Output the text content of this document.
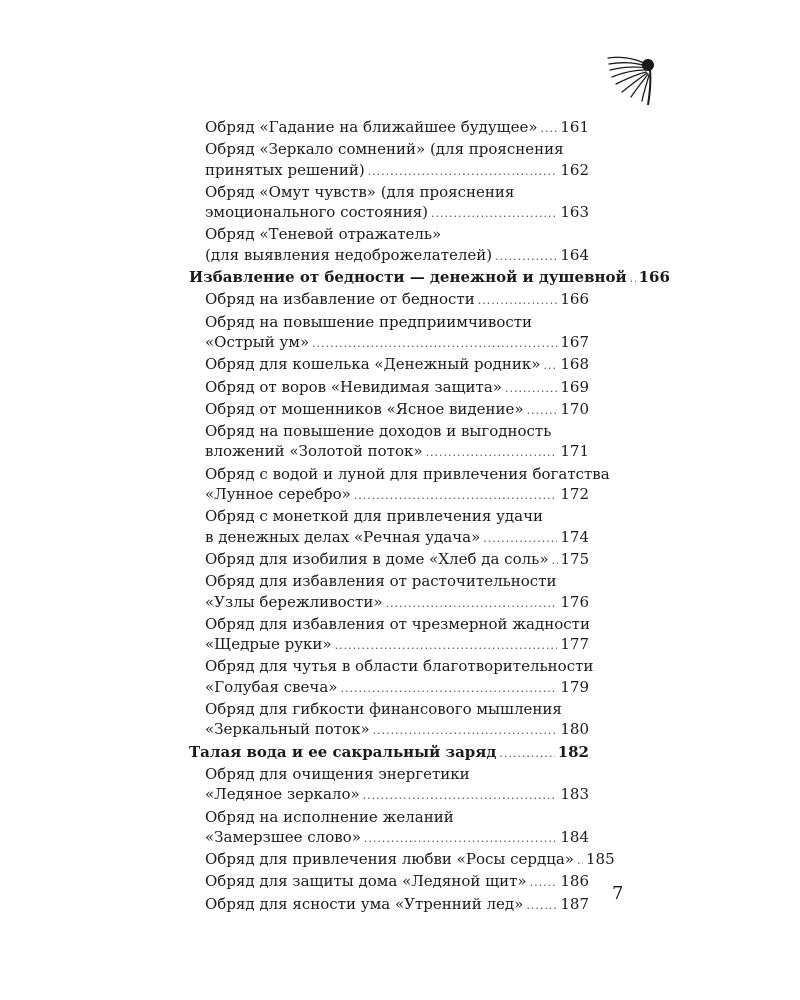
Обряд «Гадание на ближайшее будущее» ..... 161
Обряд «Зеркало сомнений» (для прояснения
принятых решений) .....	162
Обряд «Омут чувств» (для прояснения
эмоционального состояния) .....	163
Обряд «Теневой отражатель»
(для выявления недоброжелателей) .....	164
Избавление от бедности — денежной и душевной ..... 166
Обряд на избавление от бедности .....	166
Обряд на повышение предприимчивости
«Острый ум» .....	167
Обряд для кошелька «Денежный родник» ..... 168
Обряд от воров «Невидимая защита» .....	169
Обряд от мошенников «Ясное видение» ..... 170
Обряд на повышение доходов и выгодность
вложений «Золотой поток» .....	171
Обряд с водой и луной для привлечения богатства
«Лунное серебро» .....	172
Обряд с монеткой для привлечения удачи
в денежных делах «Речная удача» .....	174
Обряд для изобилия в доме «Хлеб да соль» ..... 175
Обряд для избавления от расточительности
«Узлы бережливости» .....	176
Обряд для избавления от чрезмерной жадности
«Щедрые руки» .....	177
Обряд для чутья в области благотворительности
«Голубая свеча» .....	179
Обряд для гибкости финансового мышления
«Зеркальный поток» .....	180
Талая вода и ее сакральный заряд .....	182
Обряд для очищения энергетики
«Ледяное зеркало» .....	183
Обряд на исполнение желаний
«Замерзшее слово» .....	184
Обряд для привлечения любви «Росы сердца» ..... 185
Обряд для защиты дома «Ледяной щит» ..... 186
Обряд для ясности ума «Утренний лед» ..... 187 7
